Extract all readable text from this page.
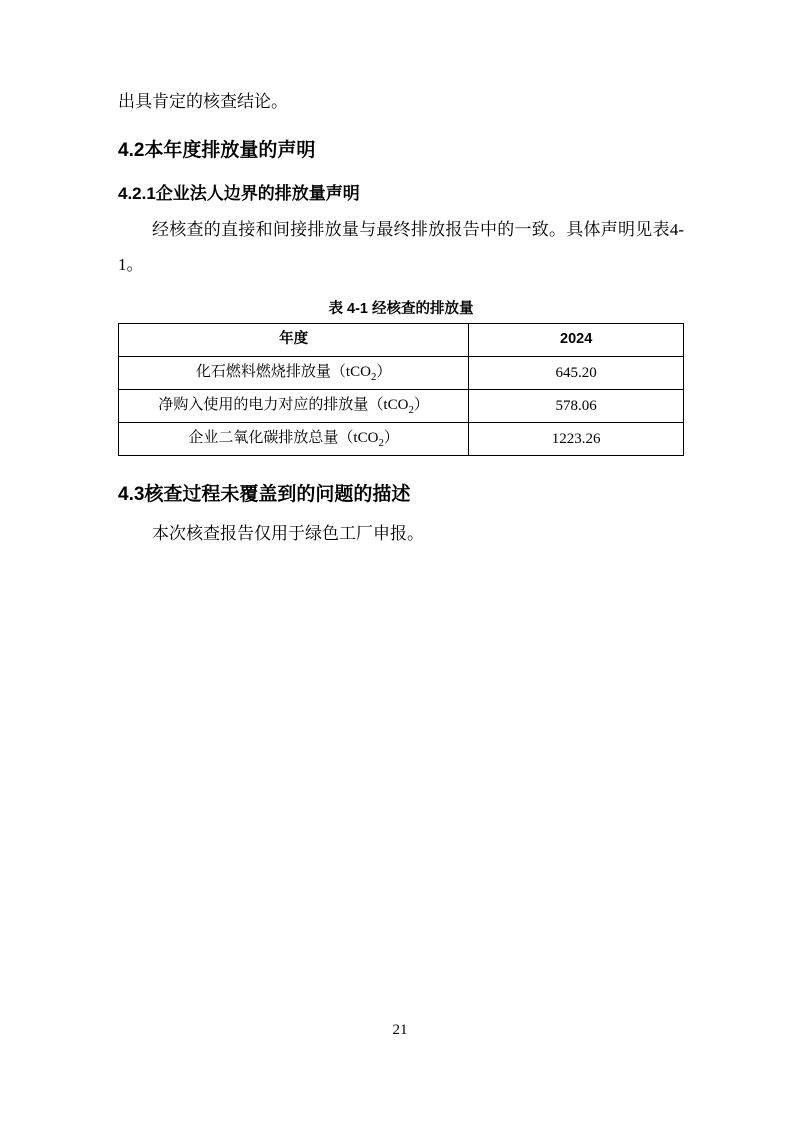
出具肯定的核查结论。

4.2本年度排放量的声明
4.2.1企业法人边界的排放量声明

经核查的直接和间接排放量与最终排放报告中的一致。具体声明见表4-1。

表 4-1 经核查的排放量
年度	2024
化石燃料燃烧排放量（tCO$_2$）	645.20
净购入使用的电力对应的排放量（tCO$_2$）	578.06
企业二氧化碳排放总量（tCO$_2$）	1223.26
4.3核查过程未覆盖到的问题的描述

本次核查报告仅用于绿色工厂申报。

21
